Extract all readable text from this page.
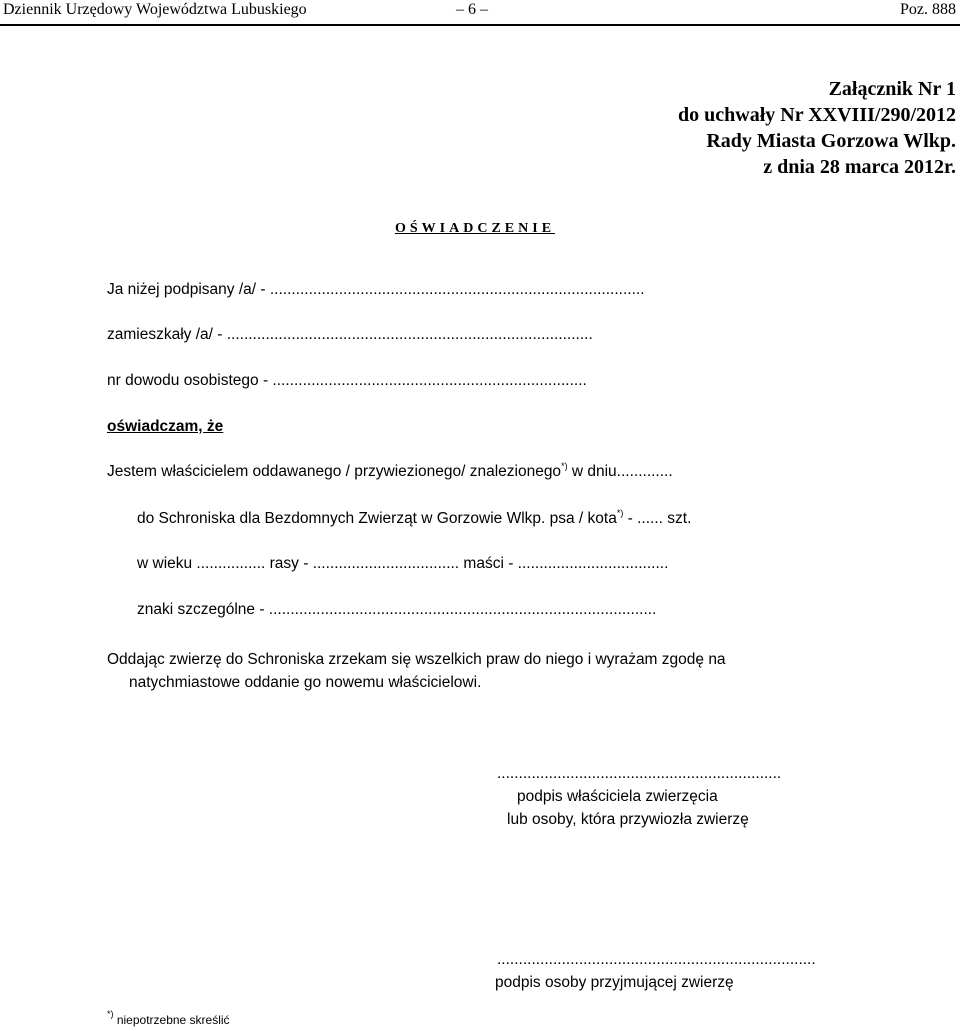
Dziennik Urzędowy Województwa Lubuskiego	– 6 –	Poz. 888
Załącznik Nr 1
do uchwały Nr XXVIII/290/2012
Rady Miasta Gorzowa Wlkp.
z dnia 28 marca 2012r.
OŚWIADCZENIE
Ja niżej podpisany /a/ - .......................................................................................
zamieszkały /a/ - .....................................................................................
nr dowodu osobistego - .........................................................................
oświadczam, że
Jestem właścicielem oddawanego / przywiezionego/ znalezionego*) w dniu.............
do Schroniska dla Bezdomnych Zwierząt w Gorzowie Wlkp. psa / kota*) - ...... szt.
w wieku ................ rasy - .................................. maści - ...................................
znaki szczególne - ..........................................................................................
Oddając zwierzę do Schroniska zrzekam się wszelkich praw do niego i wyrażam zgodę na
natychmiastowe oddanie go nowemu właścicielowi.
..................................................................
podpis właściciela zwierzęcia
lub osoby, która przywiozła zwierzę
..........................................................................
podpis osoby przyjmującej zwierzę
*) niepotrzebne skreślić
